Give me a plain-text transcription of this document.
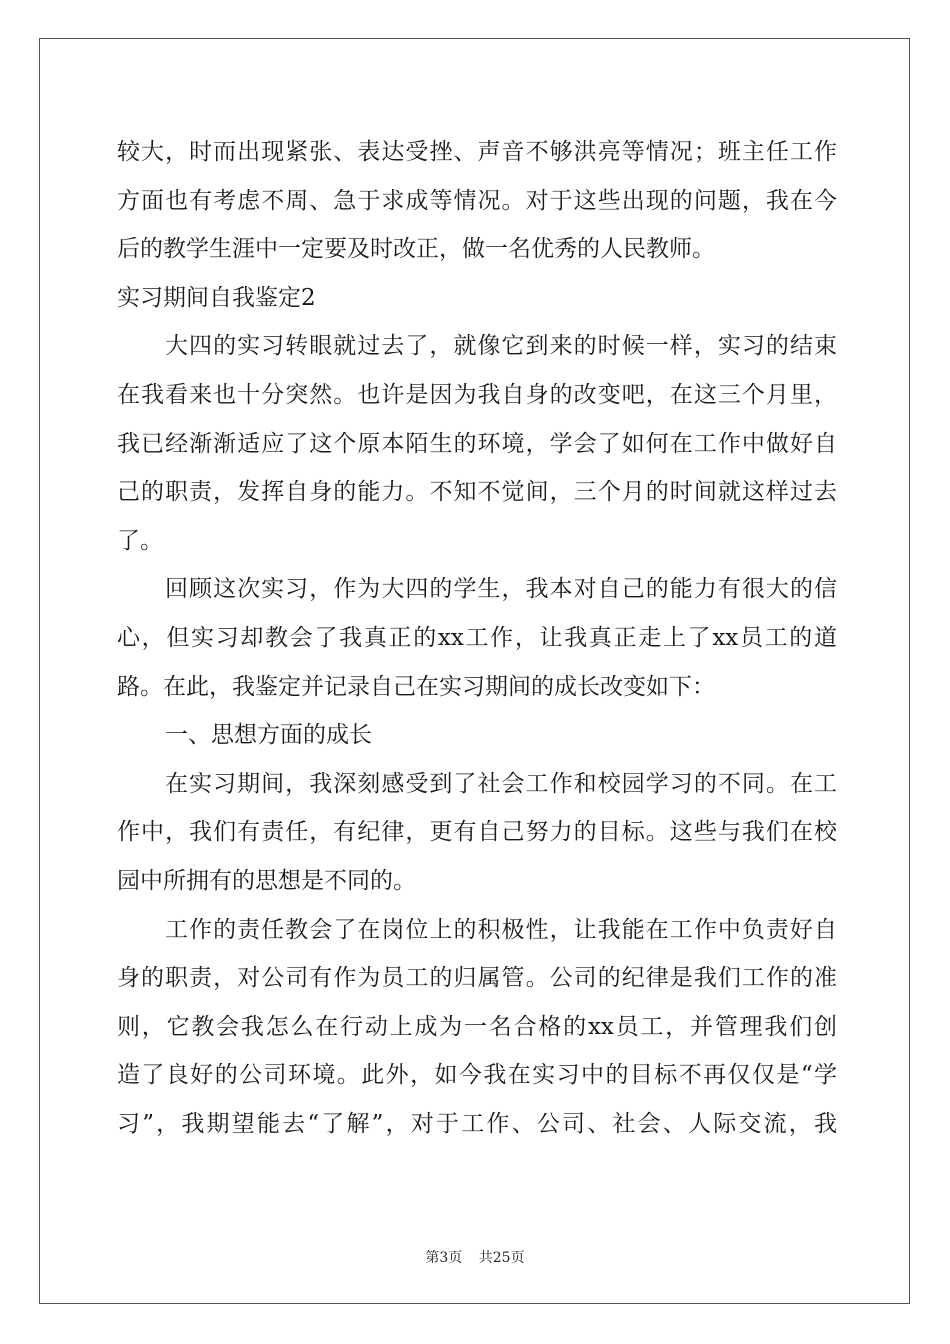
较大，时而出现紧张、表达受挫、声音不够洪亮等情况；班主任工作
方面也有考虑不周、急于求成等情况。对于这些出现的问题，我在今
后的教学生涯中一定要及时改正，做一名优秀的人民教师。
实习期间自我鉴定2
大四的实习转眼就过去了，就像它到来的时候一样，实习的结束
在我看来也十分突然。也许是因为我自身的改变吧，在这三个月里，
我已经渐渐适应了这个原本陌生的环境，学会了如何在工作中做好自
己的职责，发挥自身的能力。不知不觉间，三个月的时间就这样过去
了。
回顾这次实习，作为大四的学生，我本对自己的能力有很大的信
心，但实习却教会了我真正的xx工作，让我真正走上了xx员工的道
路。在此，我鉴定并记录自己在实习期间的成长改变如下：
一、思想方面的成长
在实习期间，我深刻感受到了社会工作和校园学习的不同。在工
作中，我们有责任，有纪律，更有自己努力的目标。这些与我们在校
园中所拥有的思想是不同的。
工作的责任教会了在岗位上的积极性，让我能在工作中负责好自
身的职责，对公司有作为员工的归属管。公司的纪律是我们工作的准
则，它教会我怎么在行动上成为一名合格的xx员工，并管理我们创
造了良好的公司环境。此外，如今我在实习中的目标不再仅仅是“学
习”，我期望能去“了解”，对于工作、公司、社会、人际交流，我
第3页 共25页
